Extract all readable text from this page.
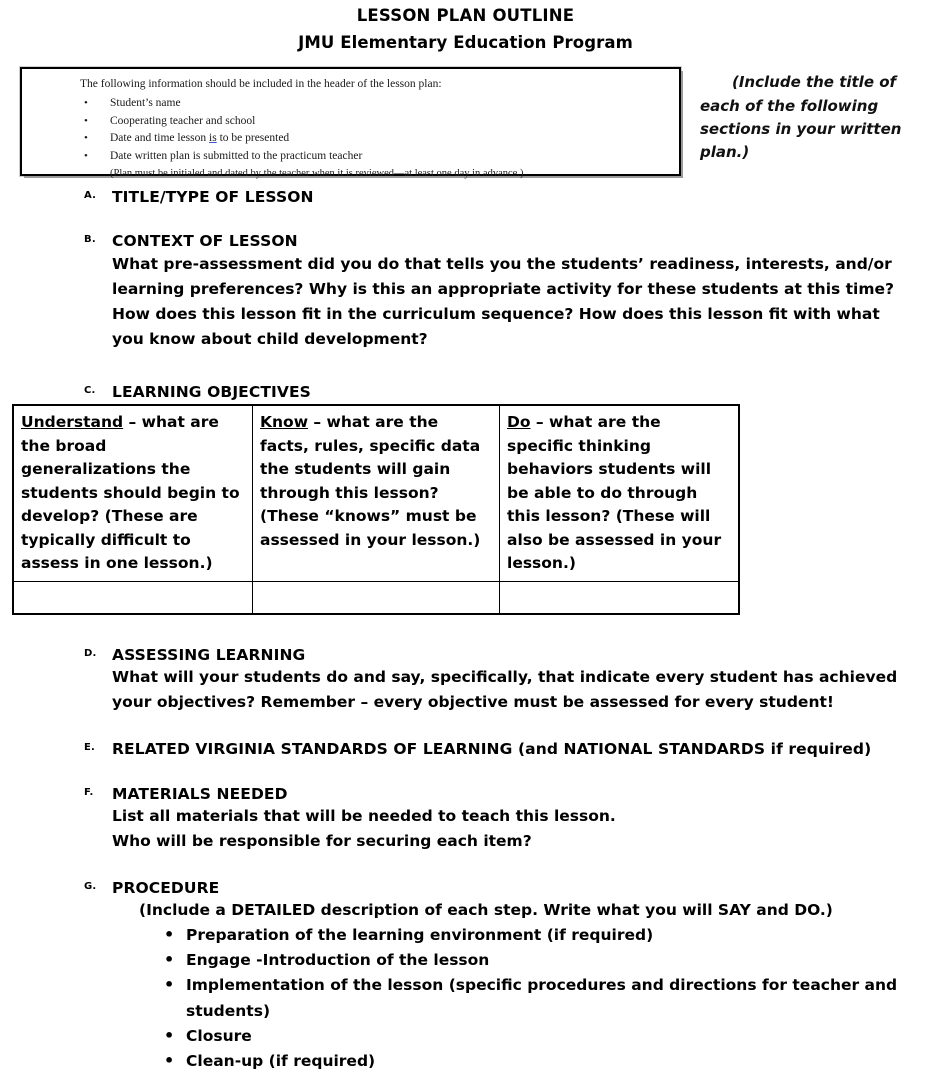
LESSON PLAN OUTLINE
JMU Elementary Education Program

The following information should be included in the header of the lesson plan:

• Student’s name
• Cooperating teacher and school
• Date and time lesson is to be presented
• Date written plan is submitted to the practicum teacher

(Plan must be initialed and dated by the teacher when it is reviewed—at least one day in advance.)

(Include the title of each of the following sections in your written plan.)
A. TITLE/TYPE OF LESSON
B. CONTEXT OF LESSON
What pre-assessment did you do that tells you the students’ readiness, interests, and/or learning preferences? Why is this an appropriate activity for these students at this time? How does this lesson fit in the curriculum sequence? How does this lesson fit with what you know about child development?
C. LEARNING OBJECTIVES
Understand – what are the broad generalizations the students should begin to develop? (These are typically difficult to assess in one lesson.)	Know – what are the facts, rules, specific data the students will gain through this lesson? (These “knows” must be assessed in your lesson.)	Do – what are the specific thinking behaviors students will be able to do through this lesson? (These will also be assessed in your lesson.)

D. ASSESSING LEARNING
What will your students do and say, specifically, that indicate every student has achieved your objectives? Remember – every objective must be assessed for every student!
E. RELATED VIRGINIA STANDARDS OF LEARNING (and NATIONAL STANDARDS if required)
F. MATERIALS NEEDED
List all materials that will be needed to teach this lesson.
Who will be responsible for securing each item?
G. PROCEDURE
(Include a DETAILED description of each step. Write what you will SAY and DO.)
• Preparation of the learning environment (if required)
• Engage -Introduction of the lesson
• Implementation of the lesson (specific procedures and directions for teacher and students)
• Closure
• Clean-up (if required)
